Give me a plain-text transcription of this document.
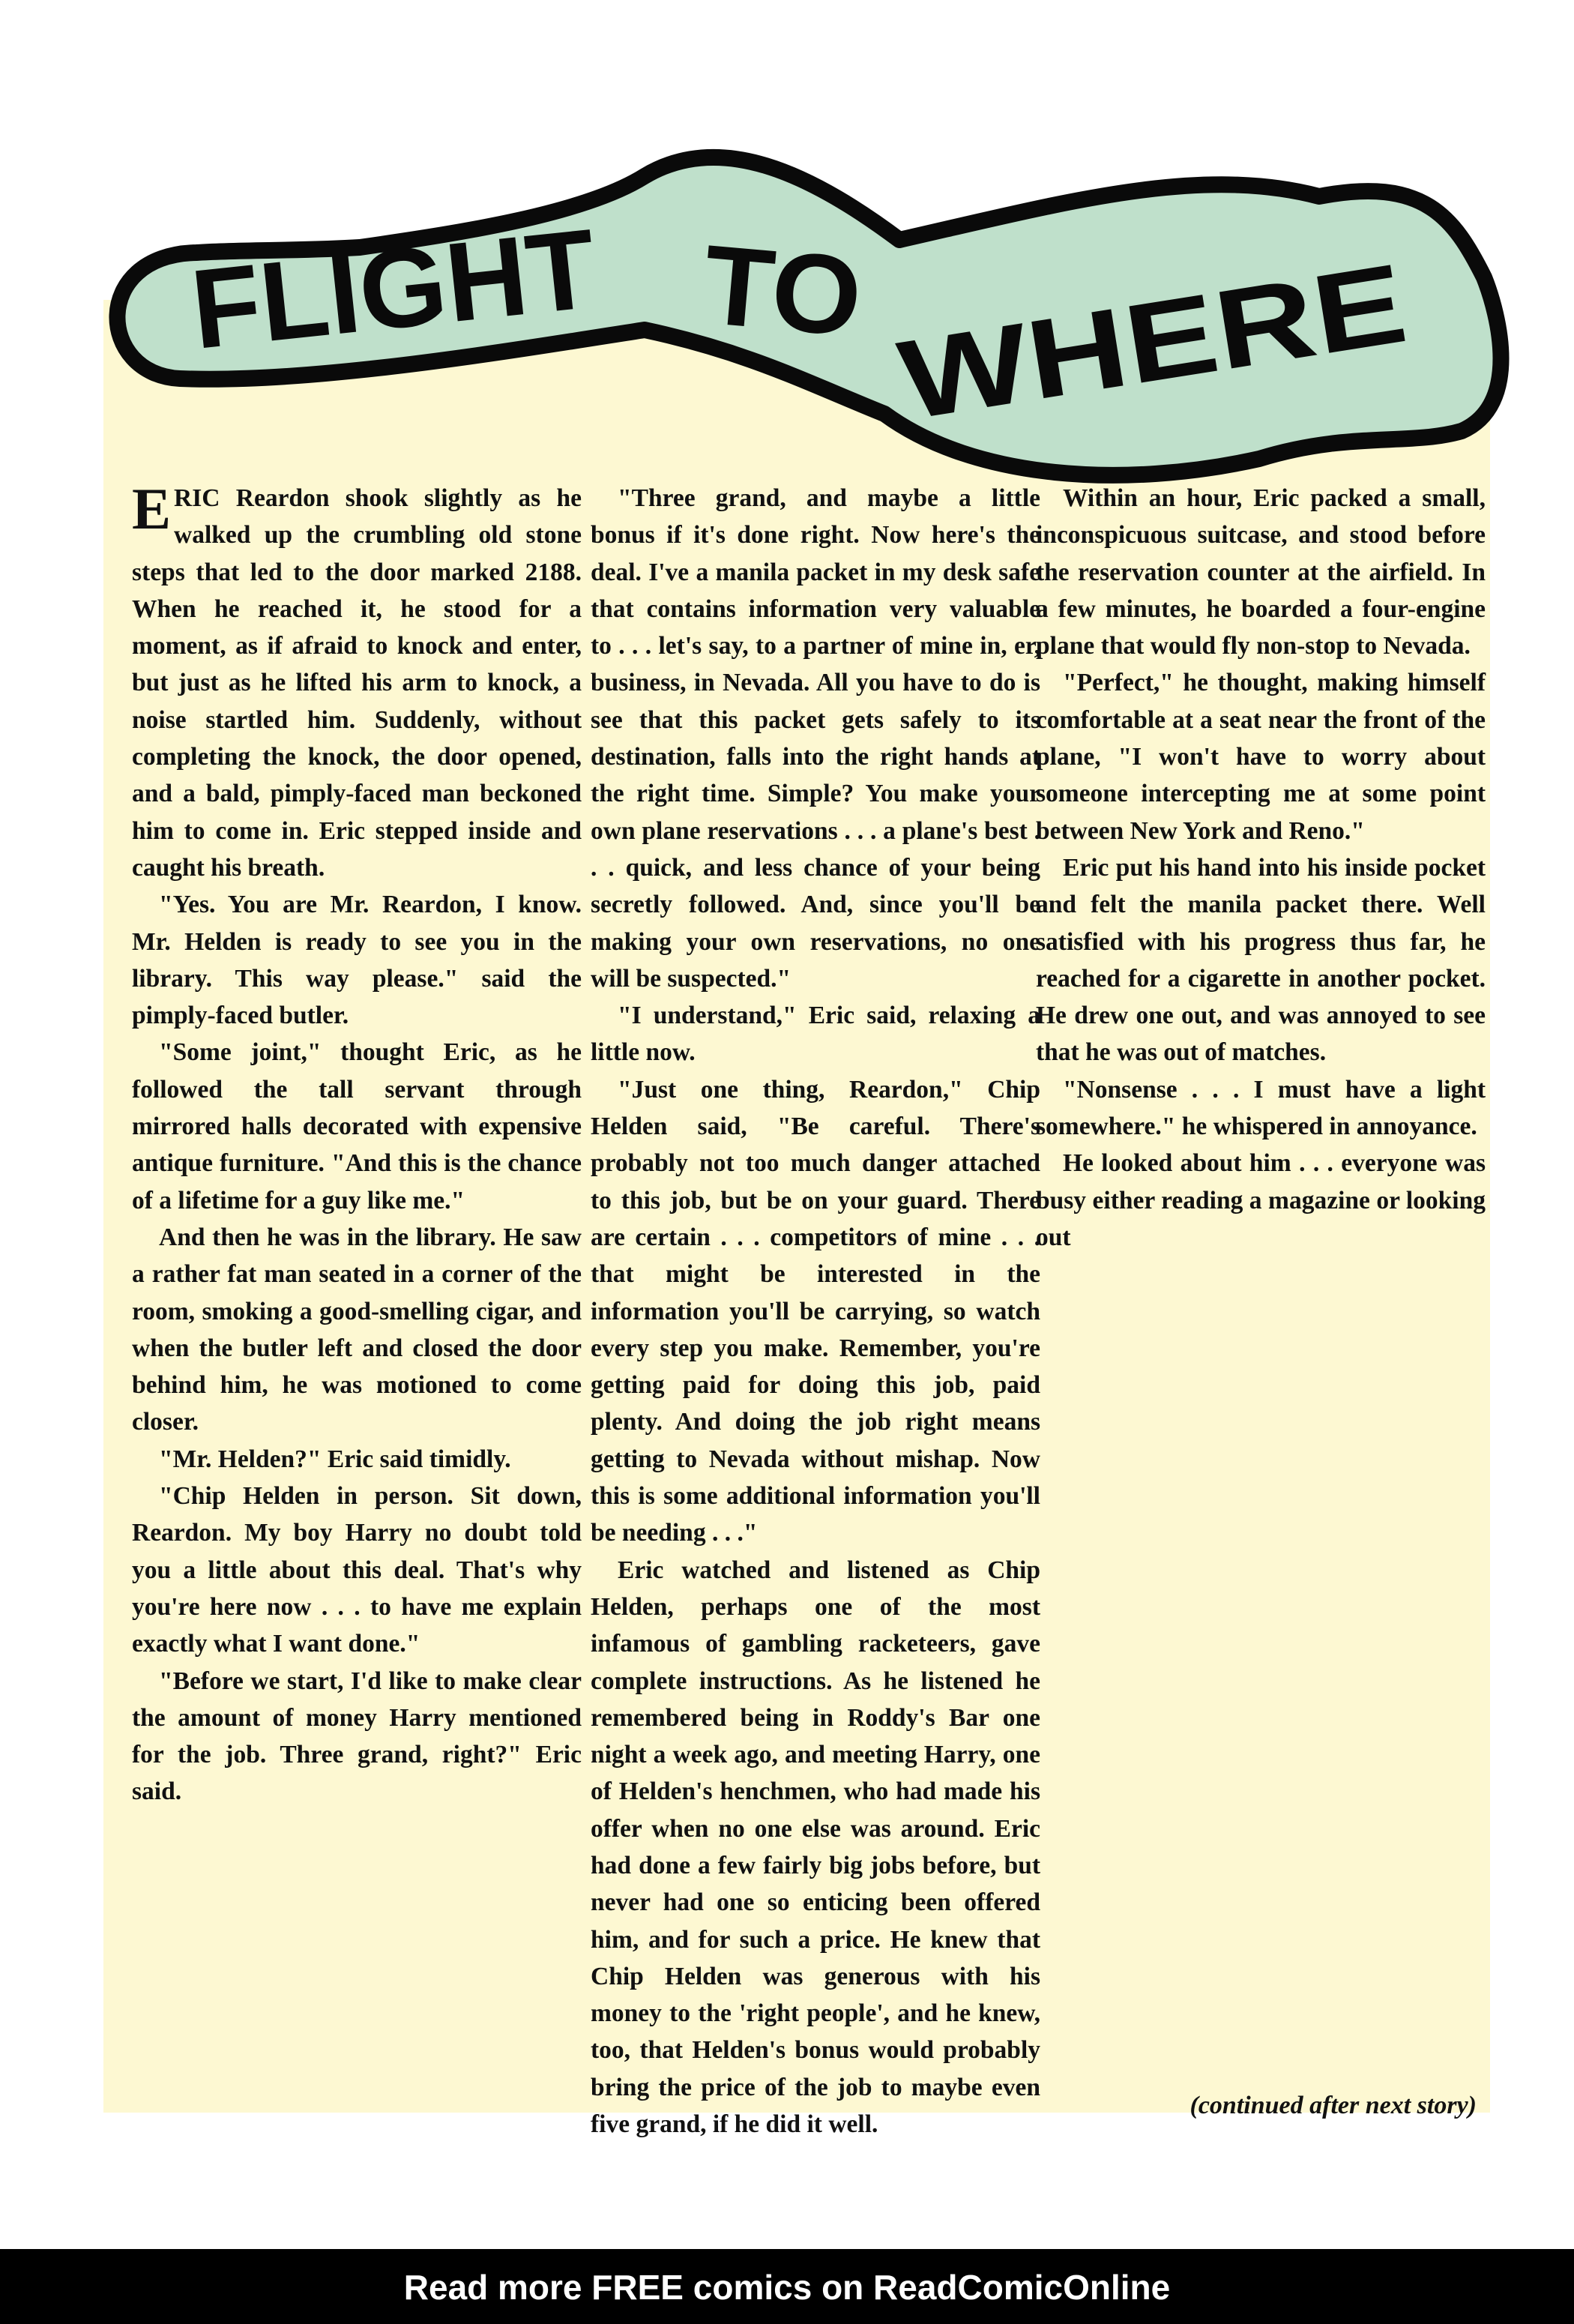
FLIGHT TO WHERE

ERIC Reardon shook slightly as he walked up the crumbling old stone steps that led to the door marked 2188. When he reached it, he stood for a moment, as if afraid to knock and enter, but just as he lifted his arm to knock, a noise startled him. Suddenly, without completing the knock, the door opened, and a bald, pimply-faced man beckoned him to come in. Eric stepped inside and caught his breath.

"Yes. You are Mr. Reardon, I know. Mr. Helden is ready to see you in the library. This way please." said the pimply-faced butler.

"Some joint," thought Eric, as he followed the tall servant through mirrored halls decorated with expensive antique furniture. "And this is the chance of a lifetime for a guy like me."

And then he was in the library. He saw a rather fat man seated in a corner of the room, smoking a good-smelling cigar, and when the butler left and closed the door behind him, he was motioned to come closer.

"Mr. Helden?" Eric said timidly.

"Chip Helden in person. Sit down, Reardon. My boy Harry no doubt told you a little about this deal. That's why you're here now . . . to have me explain exactly what I want done."

"Before we start, I'd like to make clear the amount of money Harry mentioned for the job. Three grand, right?" Eric said.

"Three grand, and maybe a little bonus if it's done right. Now here's the deal. I've a manila packet in my desk safe that contains information very valuable to . . . let's say, to a partner of mine in, er, business, in Nevada. All you have to do is see that this packet gets safely to its destination, falls into the right hands at the right time. Simple? You make your own plane reservations . . . a plane's best . . . quick, and less chance of your being secretly followed. And, since you'll be making your own reservations, no one will be suspected."

"I understand," Eric said, relaxing a little now.

"Just one thing, Reardon," Chip Helden said, "Be careful. There's probably not too much danger attached to this job, but be on your guard. There are certain . . . competitors of mine . . . that might be interested in the information you'll be carrying, so watch every step you make. Remember, you're getting paid for doing this job, paid plenty. And doing the job right means getting to Nevada without mishap. Now this is some additional information you'll be needing . . ."

Eric watched and listened as Chip Helden, perhaps one of the most infamous of gambling racketeers, gave complete instructions. As he listened he remembered being in Roddy's Bar one night a week ago, and meeting Harry, one of Helden's henchmen, who had made his offer when no one else was around. Eric had done a few fairly big jobs before, but never had one so enticing been offered him, and for such a price. He knew that Chip Helden was generous with his money to the 'right people', and he knew, too, that Helden's bonus would probably bring the price of the job to maybe even five grand, if he did it well.

Within an hour, Eric packed a small, inconspicuous suitcase, and stood before the reservation counter at the airfield. In a few minutes, he boarded a four-engine plane that would fly non-stop to Nevada.

"Perfect," he thought, making himself comfortable at a seat near the front of the plane, "I won't have to worry about someone intercepting me at some point between New York and Reno."

Eric put his hand into his inside pocket and felt the manila packet there. Well satisfied with his progress thus far, he reached for a cigarette in another pocket. He drew one out, and was annoyed to see that he was out of matches.

"Nonsense . . . I must have a light somewhere." he whispered in annoyance.

He looked about him . . . everyone was busy either reading a magazine or looking out

(continued after next story)
Read more FREE comics on ReadComicOnline
